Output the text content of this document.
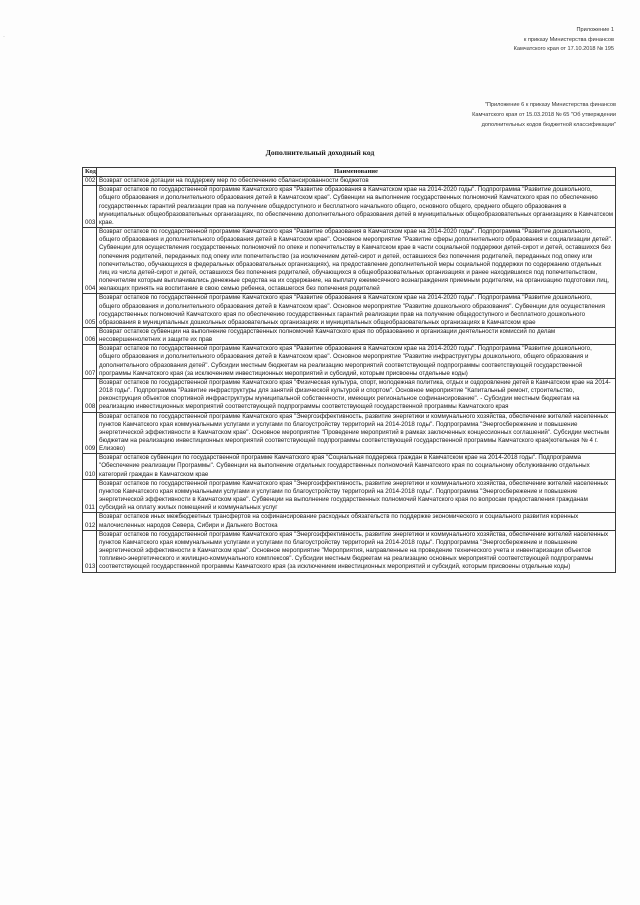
·
Приложение 1
к приказу Министерства финансов
Камчатского края от 17.10.2018 № 195
"Приложение 6 к приказу Министерства финансов
Камчатского края от 15.03.2018 № 65 "Об утверждении
дополнительных кодов бюджетной классификации"
Дополнительный доходный код
Код	Наименование
002	Возврат остатков дотации на поддержку мер по обеспечению сбалансированности бюджетов
003	Возврат остатков по государственной программе Камчатского края "Развитие образования в Камчатском крае на 2014-2020 годы". Подпрограмма "Развитие дошкольного, общего образования и дополнительного образования детей в Камчатском крае". Субвенции на выполнение государственных полномочий Камчатского края по обеспечению государственных гарантий реализации прав на получение общедоступного и бесплатного начального общего, основного общего, среднего общего образования в муниципальных общеобразовательных организациях, по обеспечению дополнительного образования детей в муниципальных общеобразовательных организациях в Камчатском крае.
004	Возврат остатков по государственной программе Камчатского края "Развитие образования в Камчатском крае на 2014-2020 годы". Подпрограмма "Развитие дошкольного, общего образования и дополнительного образования детей в Камчатском крае". Основное мероприятие "Развитие сферы дополнительного образования и социализации детей". Субвенции для осуществления государственных полномочий по опеке и попечительству в Камчатском крае в части социальной поддержки детей-сирот и детей, оставшихся без попечения родителей, переданных под опеку или попечительство (за исключением детей-сирот и детей, оставшихся без попечения родителей, переданных под опеку или попечительство, обучающихся в федеральных образовательных организациях), на предоставление дополнительной меры социальной поддержки по содержанию отдельных лиц из числа детей-сирот и детей, оставшихся без попечения родителей, обучающихся в общеобразовательных организациях и ранее находившихся под попечительством, попечителям которым выплачивались денежные средства на их содержание, на выплату ежемесячного вознаграждения приемным родителям, на организацию подготовки лиц, желающих принять на воспитание в свою семью ребенка, оставшегося без попечения родителей
005	Возврат остатков по государственной программе Камчатского края "Развитие образования в Камчатском крае на 2014-2020 годы". Подпрограмма "Развитие дошкольного, общего образования и дополнительного образования детей в Камчатском крае". Основное мероприятие "Развитие дошкольного образования". Субвенции для осуществления государственных полномочий Камчатского края по обеспечению государственных гарантий реализации прав на получение общедоступного и бесплатного дошкольного образования в муниципальных дошкольных образовательных организациях и муниципальных общеобразовательных организациях в Камчатском крае
006	Возврат остатков субвенции на выполнение государственных полномочий Камчатского края по образованию и организации деятельности комиссий по делам несовершеннолетних и защите их прав
007	Возврат остатков по государственной программе Камчатского края "Развитие образования в Камчатском крае на 2014-2020 годы". Подпрограмма "Развитие дошкольного, общего образования и дополнительного образования детей в Камчатском крае". Основное мероприятие "Развитие инфраструктуры дошкольного, общего образования и дополнительного образования детей". Субсидии местным бюджетам на реализацию мероприятий соответствующей подпрограммы соответствующей государственной программы Камчатского края (за исключением инвестиционных мероприятий и субсидий, которым присвоены отдельные коды)
008	Возврат остатков по государственной программе Камчатского края "Физическая культура, спорт, молодежная политика, отдых и оздоровление детей в Камчатском крае на 2014-2018 годы". Подпрограмма "Развитие инфраструктуры для занятий физической культурой и спортом". Основное мероприятие "Капитальный ремонт, строительство, реконструкция объектов спортивной инфраструктуры муниципальной собственности, имеющих региональное софинансирование". - Субсидии местным бюджетам на реализацию инвестиционных мероприятий соответствующей подпрограммы соответствующей государственной программы Камчатского края
009	Возврат остатков по государственной программе Камчатского края "Энергоэффективность, развитие энергетики и коммунального хозяйства, обеспечение жителей населенных пунктов Камчатского края коммунальными услугами и услугами по благоустройству территорий на 2014-2018 годы". Подпрограмма "Энергосбережение и повышение энергетической эффективности в Камчатском крае". Основное мероприятие "Проведение мероприятий в рамках заключенных концессионных соглашений". Субсидии местным бюджетам на реализацию инвестиционных мероприятий соответствующей подпрограммы соответствующей государственной программы Камчатского края(котельная № 4 г. Елизово)
010	Возврат остатков субвенции по государственной программе Камчатского края "Социальная поддержка граждан в Камчатском крае на 2014-2018 годы". Подпрограмма "Обеспечение реализации Программы". Субвенции на выполнение отдельных государственных полномочий Камчатского края по социальному обслуживанию отдельных категорий граждан в Камчатском крае
011	Возврат остатков по государственной программе Камчатского края "Энергоэффективность, развитие энергетики и коммунального хозяйства, обеспечение жителей населенных пунктов Камчатского края коммунальными услугами и услугами по благоустройству территорий на 2014-2018 годы". Подпрограмма "Энергосбережение и повышение энергетической эффективности в Камчатском крае". Субвенции на выполнение государственных полномочий Камчатского края по вопросам предоставления гражданам субсидий на оплату жилых помещений и коммунальных услуг
012	Возврат остатков иных межбюджетных трансфертов на софинансирование расходных обязательств по поддержке экономического и социального развития коренных малочисленных народов Севера, Сибири и Дальнего Востока
013	Возврат остатков по государственной программе Камчатского края "Энергоэффективность, развитие энергетики и коммунального хозяйства, обеспечение жителей населенных пунктов Камчатского края коммунальными услугами и услугами по благоустройству территорий на 2014-2018 годы". Подпрограмма "Энергосбережение и повышение энергетической эффективности в Камчатском крае". Основное мероприятие "Мероприятия, направленные на проведение технического учета и инвентаризации объектов топливно-энергетического и жилищно-коммунального комплексов". Субсидии местным бюджетам на реализацию основных мероприятий соответствующей подпрограммы соответствующей государственной программы Камчатского края (за исключением инвестиционных мероприятий и субсидий, которым присвоены отдельные коды)
